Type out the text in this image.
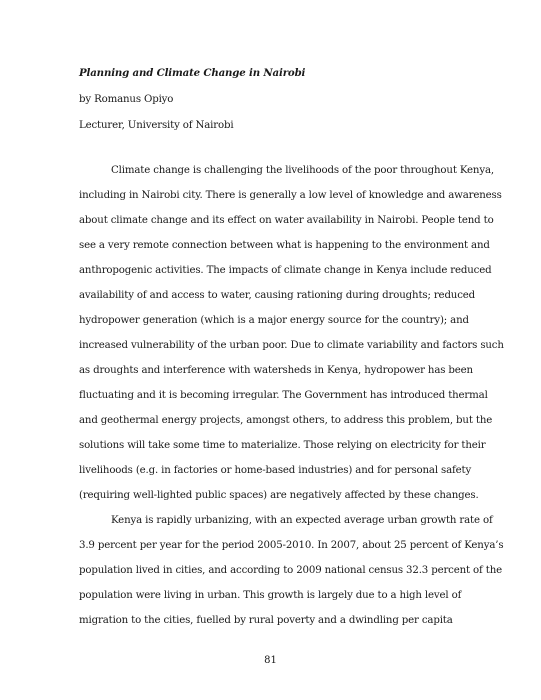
Planning and Climate Change in Nairobi
by Romanus Opiyo
Lecturer, University of Nairobi
Climate change is challenging the livelihoods of the poor throughout Kenya,
including in Nairobi city. There is generally a low level of knowledge and awareness
about climate change and its effect on water availability in Nairobi. People tend to
see a very remote connection between what is happening to the environment and
anthropogenic activities. The impacts of climate change in Kenya include reduced
availability of and access to water, causing rationing during droughts; reduced
hydropower generation (which is a major energy source for the country); and
increased vulnerability of the urban poor. Due to climate variability and factors such
as droughts and interference with watersheds in Kenya, hydropower has been
fluctuating and it is becoming irregular. The Government has introduced thermal
and geothermal energy projects, amongst others, to address this problem, but the
solutions will take some time to materialize. Those relying on electricity for their
livelihoods (e.g. in factories or home-based industries) and for personal safety
(requiring well-lighted public spaces) are negatively affected by these changes.
Kenya is rapidly urbanizing, with an expected average urban growth rate of
3.9 percent per year for the period 2005-2010. In 2007, about 25 percent of Kenya’s
population lived in cities, and according to 2009 national census 32.3 percent of the
population were living in urban. This growth is largely due to a high level of
migration to the cities, fuelled by rural poverty and a dwindling per capita
81
